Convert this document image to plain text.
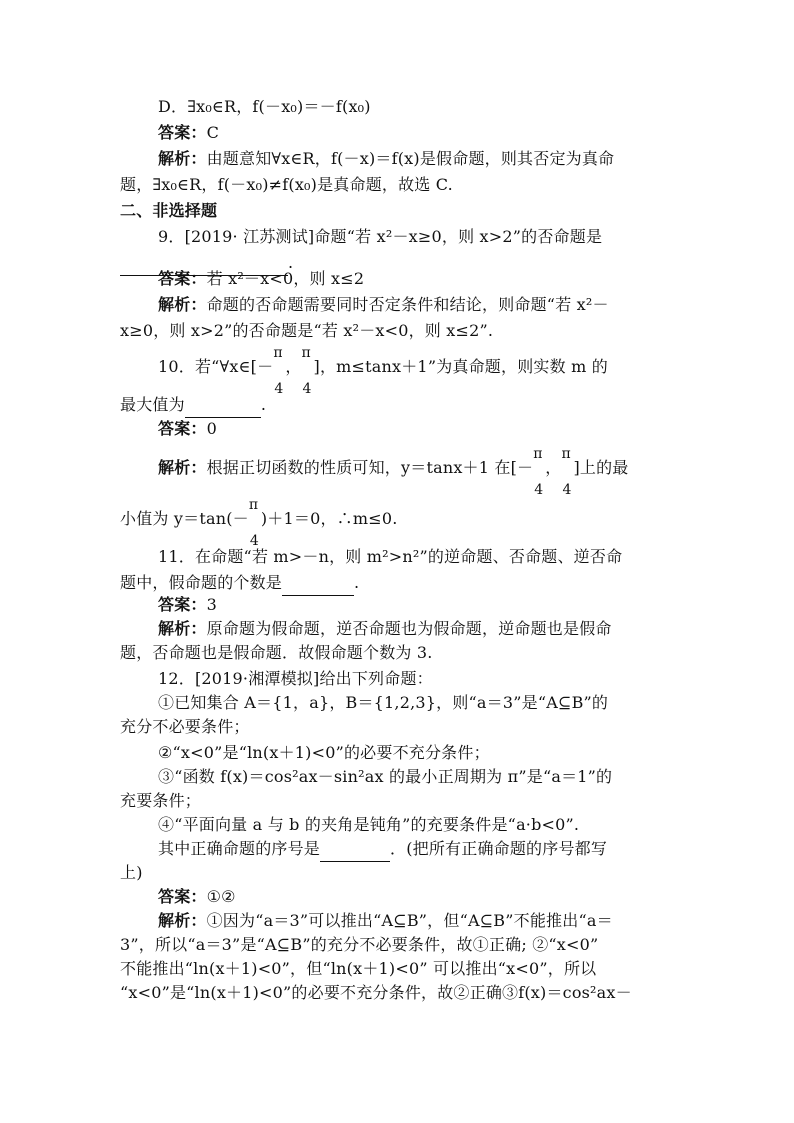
D．∃x₀∈R，f(－x₀)＝－f(x₀)
答案：C
解析：由题意知∀x∈R，f(－x)＝f(x)是假命题，则其否定为真命
题，∃x₀∈R，f(－x₀)≠f(x₀)是真命题，故选 C.
二、非选择题
9．[2019· 江苏测试]命题“若 x²－x≥0，则 x>2”的否命题是
.
答案：若 x²－x<0，则 x≤2
解析：命题的否命题需要同时否定条件和结论，则命题“若 x²－
x≥0，则 x>2”的否命题是“若 x²－x<0，则 x≤2”.
10．若“∀x∈[－
π
4
，
π
4
]，m≤tanx＋1”为真命题，则实数 m 的
最大值为	.
答案：0
解析：根据正切函数的性质可知，y＝tanx＋1 在[－
π
4
，
π
4
]上的最
小值为 y＝tan(－
π
4
)＋1＝0，∴m≤0.
11．在命题“若 m>－n，则 m²>n²”的逆命题、否命题、逆否命
题中，假命题的个数是	.
答案：3
解析：原命题为假命题，逆否命题也为假命题，逆命题也是假命
题，否命题也是假命题．故假命题个数为 3.
12．[2019·湘潭模拟]给出下列命题：
①已知集合 A＝{1，a}，B＝{1,2,3}，则“a＝3”是“A⊆B”的
充分不必要条件；
②“x<0”是“ln(x＋1)<0”的必要不充分条件；
③“函数 f(x)＝cos²ax－sin²ax 的最小正周期为 π”是“a＝1”的
充要条件；
④“平面向量 a 与 b 的夹角是钝角”的充要条件是“a·b<0”.
其中正确命题的序号是	．(把所有正确命题的序号都写
上)
答案：①②
解析：①因为“a＝3”可以推出“A⊆B”，但“A⊆B”不能推出“a＝
3”，所以“a＝3”是“A⊆B”的充分不必要条件，故①正确; ②“x<0”
不能推出“ln(x＋1)<0”，但“ln(x＋1)<0” 可以推出“x<0”，所以
“x<0”是“ln(x＋1)<0”的必要不充分条件，故②正确③f(x)＝cos²ax－
